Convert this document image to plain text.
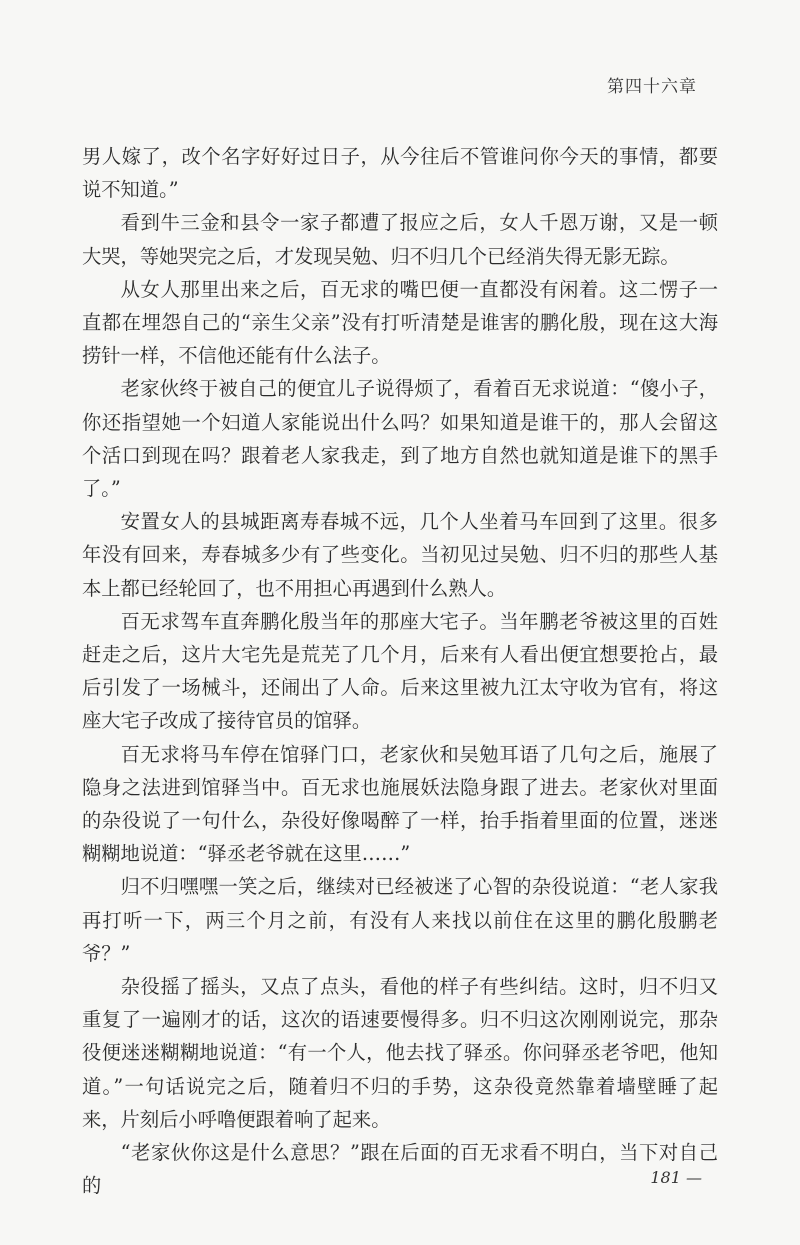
第四十六章

男人嫁了，改个名字好好过日子，从今往后不管谁问你今天的事情，都要说不知道。”

看到牛三金和县令一家子都遭了报应之后，女人千恩万谢，又是一顿大哭，等她哭完之后，才发现吴勉、归不归几个已经消失得无影无踪。

从女人那里出来之后，百无求的嘴巴便一直都没有闲着。这二愣子一直都在埋怨自己的“亲生父亲”没有打听清楚是谁害的鹏化殷，现在这大海捞针一样，不信他还能有什么法子。

老家伙终于被自己的便宜儿子说得烦了，看着百无求说道：“傻小子，你还指望她一个妇道人家能说出什么吗？如果知道是谁干的，那人会留这个活口到现在吗？跟着老人家我走，到了地方自然也就知道是谁下的黑手了。”

安置女人的县城距离寿春城不远，几个人坐着马车回到了这里。很多年没有回来，寿春城多少有了些变化。当初见过吴勉、归不归的那些人基本上都已经轮回了，也不用担心再遇到什么熟人。

百无求驾车直奔鹏化殷当年的那座大宅子。当年鹏老爷被这里的百姓赶走之后，这片大宅先是荒芜了几个月，后来有人看出便宜想要抢占，最后引发了一场械斗，还闹出了人命。后来这里被九江太守收为官有，将这座大宅子改成了接待官员的馆驿。

百无求将马车停在馆驿门口，老家伙和吴勉耳语了几句之后，施展了隐身之法进到馆驿当中。百无求也施展妖法隐身跟了进去。老家伙对里面的杂役说了一句什么，杂役好像喝醉了一样，抬手指着里面的位置，迷迷糊糊地说道：“驿丞老爷就在这里……”

归不归嘿嘿一笑之后，继续对已经被迷了心智的杂役说道：“老人家我再打听一下，两三个月之前，有没有人来找以前住在这里的鹏化殷鹏老爷？”

杂役摇了摇头，又点了点头，看他的样子有些纠结。这时，归不归又重复了一遍刚才的话，这次的语速要慢得多。归不归这次刚刚说完，那杂役便迷迷糊糊地说道：“有一个人，他去找了驿丞。你问驿丞老爷吧，他知道。”一句话说完之后，随着归不归的手势，这杂役竟然靠着墙壁睡了起来，片刻后小呼噜便跟着响了起来。

“老家伙你这是什么意思？”跟在后面的百无求看不明白，当下对自己的	181 —
